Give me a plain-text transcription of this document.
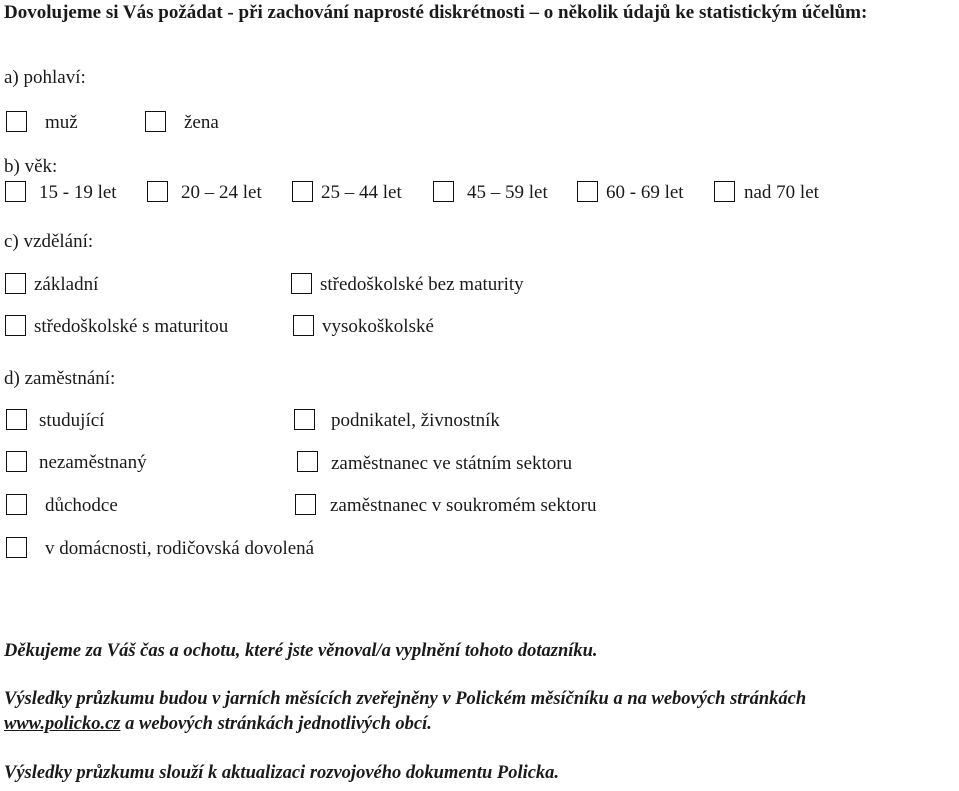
Dovolujeme si Vás požádat - při zachování naprosté diskrétnosti – o několik údajů ke statistickým účelům:
a) pohlaví:
muž	žena
b) věk:
15 - 19 let	20 – 24 let	25 – 44 let	45 – 59 let	60 - 69 let	nad 70 let
c) vzdělání:
základní	středoškolské bez maturity
středoškolské s maturitou	vysokoškolské
d) zaměstnání:
studující	podnikatel, živnostník
nezaměstnaný	zaměstnanec ve státním sektoru
důchodce	zaměstnanec v soukromém sektoru
v domácnosti, rodičovská dovolená
Děkujeme za Váš čas a ochotu, které jste věnoval/a vyplnění tohoto dotazníku.
Výsledky průzkumu budou v jarních měsících zveřejněny v Polickém měsíčníku a na webových stránkách
www.policko.cz a webových stránkách jednotlivých obcí.
Výsledky průzkumu slouží k aktualizaci rozvojového dokumentu Policka.
